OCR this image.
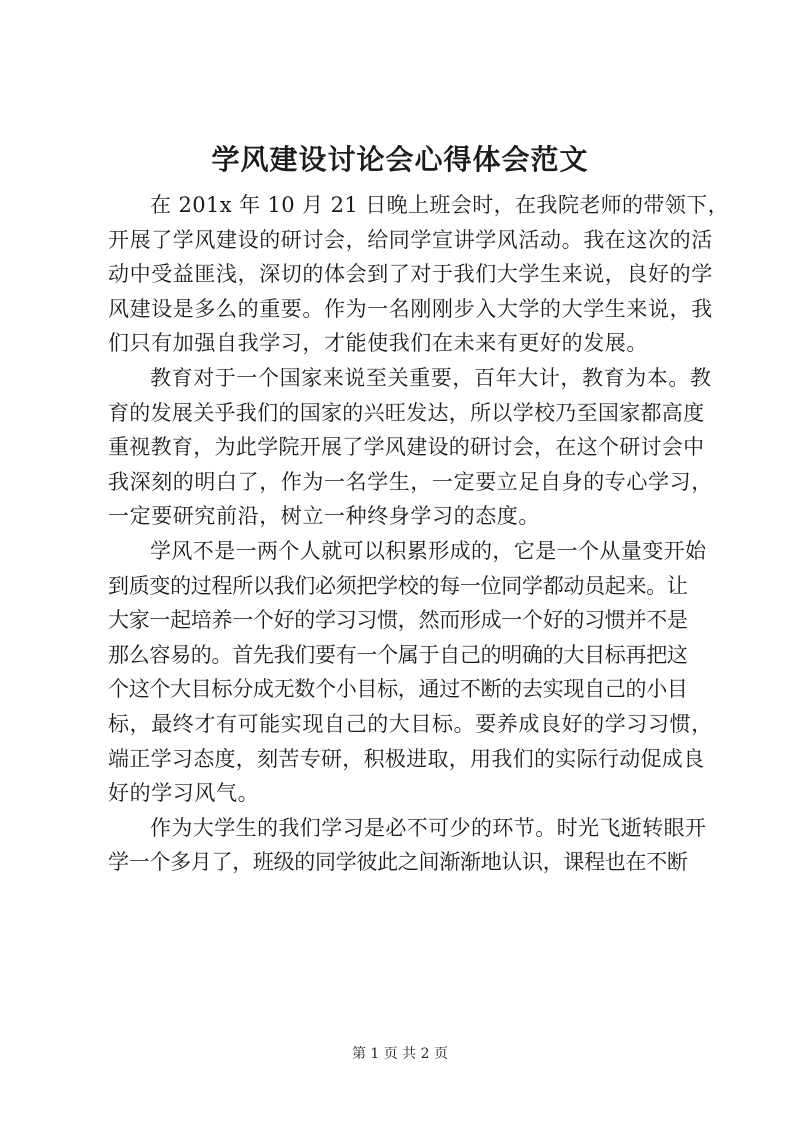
学风建设讨论会心得体会范文
在 201x 年 10 月 21 日晚上班会时，在我院老师的带领下，
开展了学风建设的研讨会，给同学宣讲学风活动。我在这次的活
动中受益匪浅，深切的体会到了对于我们大学生来说，良好的学
风建设是多么的重要。作为一名刚刚步入大学的大学生来说，我
们只有加强自我学习，才能使我们在未来有更好的发展。
教育对于一个国家来说至关重要，百年大计，教育为本。教
育的发展关乎我们的国家的兴旺发达，所以学校乃至国家都高度
重视教育，为此学院开展了学风建设的研讨会，在这个研讨会中
我深刻的明白了，作为一名学生，一定要立足自身的专心学习，
一定要研究前沿，树立一种终身学习的态度。
学风不是一两个人就可以积累形成的，它是一个从量变开始
到质变的过程所以我们必须把学校的每一位同学都动员起来。让
大家一起培养一个好的学习习惯，然而形成一个好的习惯并不是
那么容易的。首先我们要有一个属于自己的明确的大目标再把这
个这个大目标分成无数个小目标，通过不断的去实现自己的小目
标，最终才有可能实现自己的大目标。要养成良好的学习习惯，
端正学习态度，刻苦专研，积极进取，用我们的实际行动促成良
好的学习风气。
作为大学生的我们学习是必不可少的环节。时光飞逝转眼开
学一个多月了，班级的同学彼此之间渐渐地认识，课程也在不断
第 1 页 共 2 页
